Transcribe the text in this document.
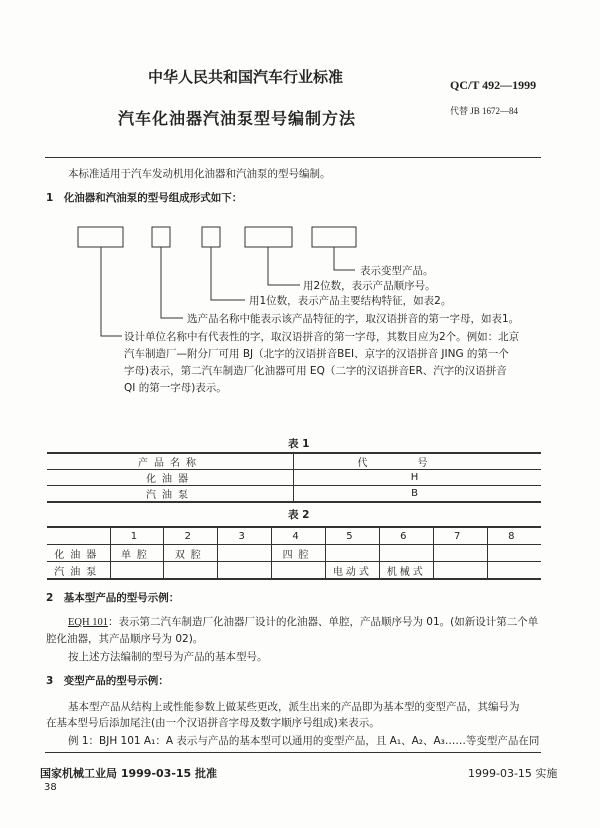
中华人民共和国汽车行业标准	QC/T 492—1999
代替 JB 1672—84
汽车化油器汽油泵型号编制方法
本标准适用于汽车发动机用化油器和汽油泵的型号编制。
1　化油器和汽油泵的型号组成形式如下：
表示变型产品。
用2位数，表示产品顺序号。
用1位数，表示产品主要结构特征，如表2。
选产品名称中能表示该产品特征的字，取汉语拼音的第一字母，如表1。
设计单位名称中有代表性的字，取汉语拼音的第一字母，其数目应为2个。例如：北京
汽车制造厂—附分厂可用 BJ（北字的汉语拼音BEI、京字的汉语拼音 JING 的第一个
字母)表示，第二汽车制造厂化油器可用 EQ（二字的汉语拼音ER、汽字的汉语拼音
QI 的第一字母)表示。
表 1
产品名称	代号
化油器	H
汽油泵	B
表 2
	1	2	3	4	5	6	7	8
化油器	单腔	双腔		四腔				
汽油泵					电动式	机械式		
2　基本型产品的型号示例：
EQH 101：表示第二汽车制造厂化油器厂设计的化油器、单腔，产品顺序号为 01。(如新设计第二个单
腔化油器，其产品顺序号为 02)。
按上述方法编制的型号为产品的基本型号。
3　变型产品的型号示例：
基本型产品从结构上或性能参数上做某些更改，派生出来的产品即为基本型的变型产品，其编号为
在基本型号后添加尾注(由一个汉语拼音字母及数字顺序号组成)来表示。
例 1：BJH 101 A₁：A 表示与产品的基本型可以通用的变型产品，且 A₁、A₂、A₃……等变型产品在同
国家机械工业局 1999-03-15 批准	1999-03-15 实施
38
